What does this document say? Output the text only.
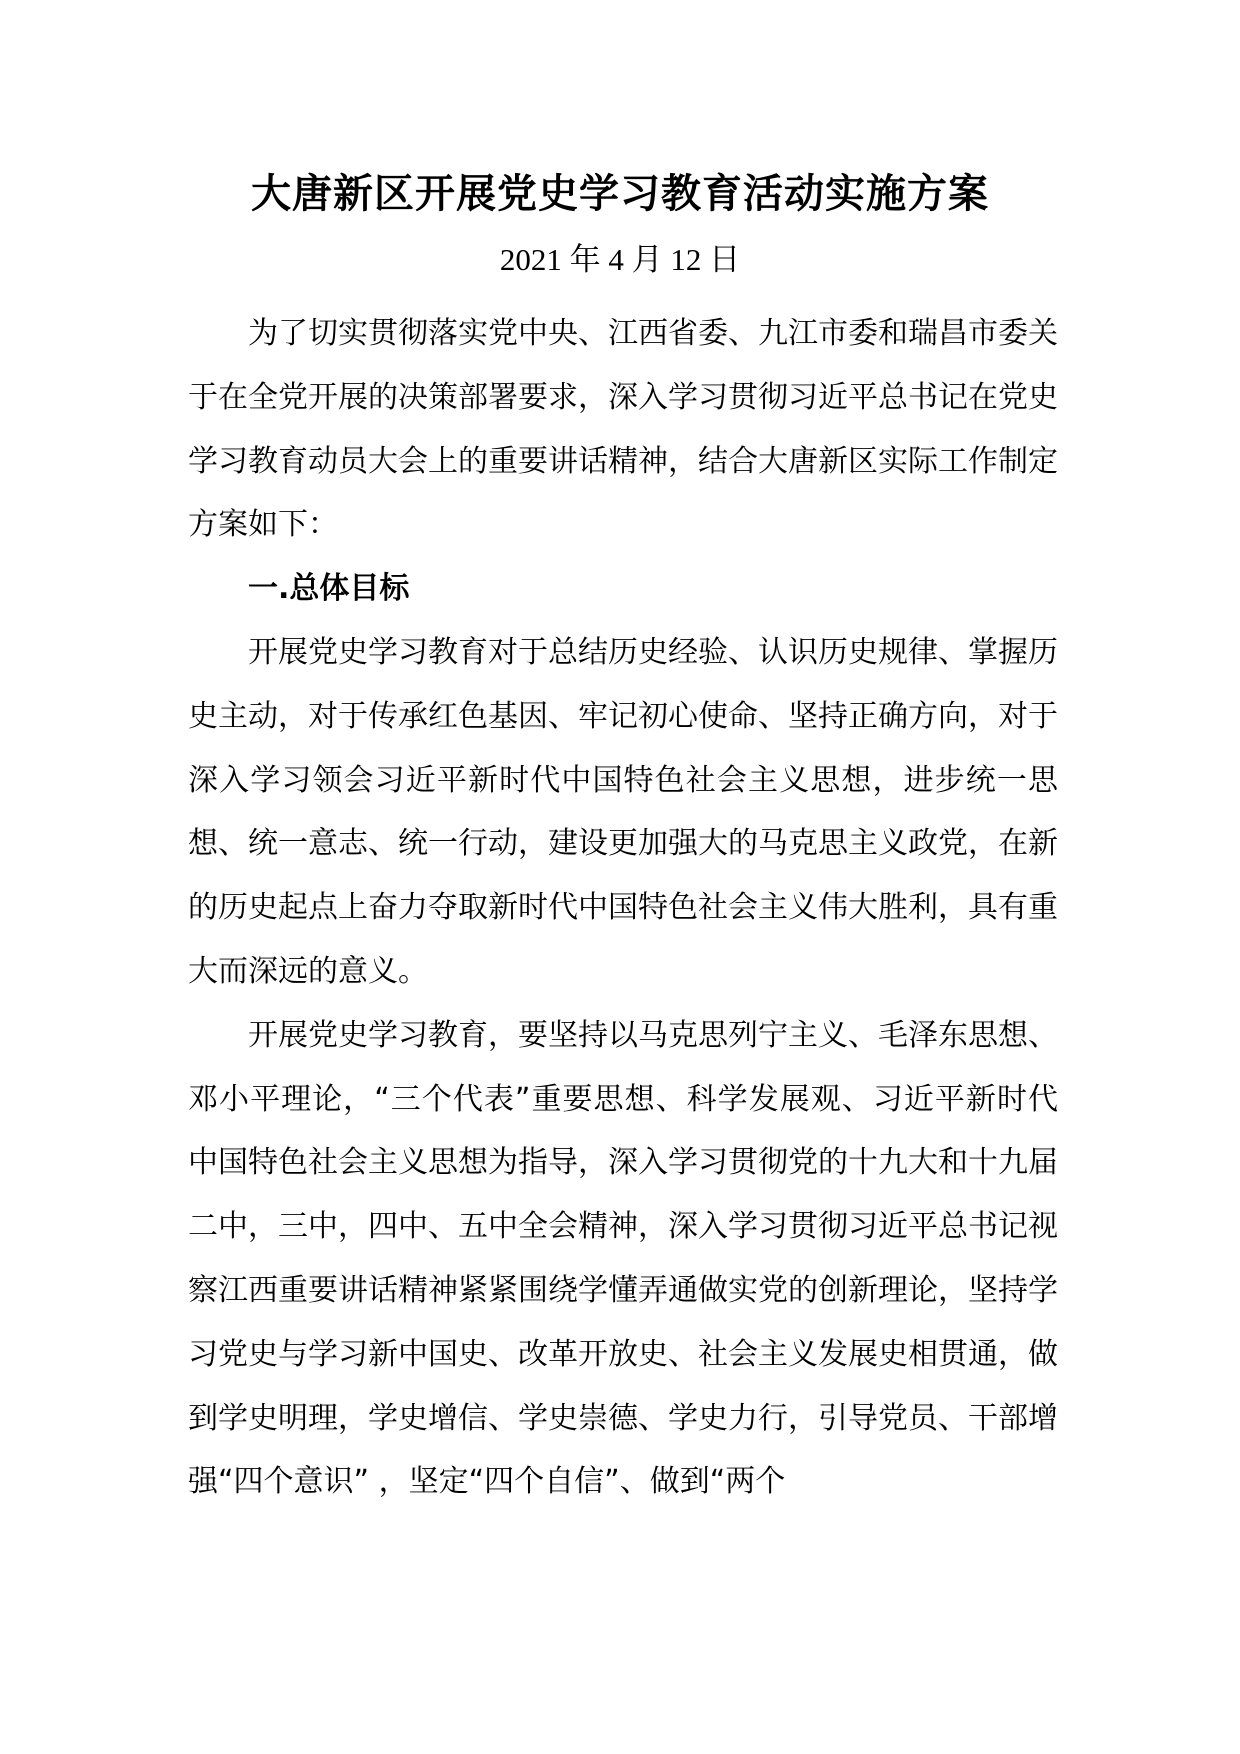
大唐新区开展党史学习教育活动实施方案
2021 年 4 月 12 日

为了切实贯彻落实党中央、江西省委、九江市委和瑞昌市委关于在全党开展的决策部署要求，深入学习贯彻习近平总书记在党史学习教育动员大会上的重要讲话精神，结合大唐新区实际工作制定方案如下：

一.总体目标

开展党史学习教育对于总结历史经验、认识历史规律、掌握历史主动，对于传承红色基因、牢记初心使命、坚持正确方向，对于深入学习领会习近平新时代中国特色社会主义思想，进步统一思想、统一意志、统一行动，建设更加强大的马克思主义政党，在新的历史起点上奋力夺取新时代中国特色社会主义伟大胜利，具有重大而深远的意义。

开展党史学习教育，要坚持以马克思列宁主义、毛泽东思想、邓小平理论，“三个代表”重要思想、科学发展观、习近平新时代中国特色社会主义思想为指导，深入学习贯彻党的十九大和十九届二中，三中，四中、五中全会精神，深入学习贯彻习近平总书记视察江西重要讲话精神紧紧围绕学懂弄通做实党的创新理论，坚持学习党史与学习新中国史、改革开放史、社会主义发展史相贯通，做到学史明理，学史增信、学史崇德、学史力行，引导党员、干部增强“四个意识” ，坚定“四个自信”、做到“两个
